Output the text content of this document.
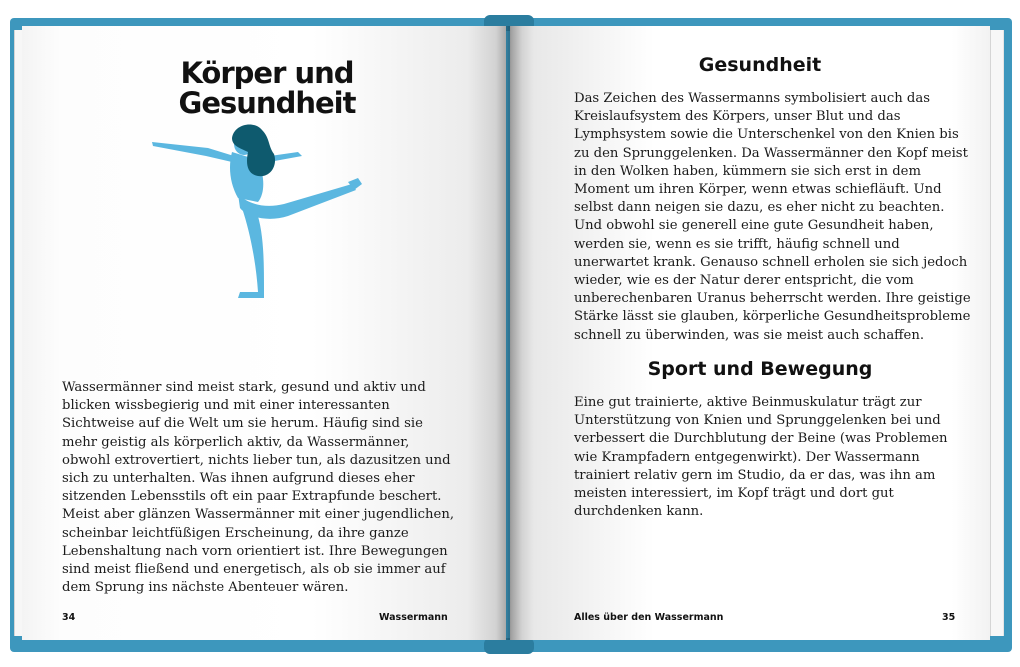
Körper und Gesundheit
Wassermänner sind meist stark, gesund und aktiv und blicken wissbegierig und mit einer interessanten Sichtweise auf die Welt um sie herum. Häufig sind sie mehr geistig als körperlich aktiv, da Wassermänner, obwohl extrovertiert, nichts lieber tun, als dazusitzen und sich zu unterhalten. Was ihnen aufgrund dieses eher sitzenden Lebensstils oft ein paar Extrapfunde beschert. Meist aber glänzen Wassermänner mit einer jugendlichen, scheinbar leichtfüßigen Erscheinung, da ihre ganze Lebenshaltung nach vorn orientiert ist. Ihre Bewegungen sind meist fließend und energetisch, als ob sie immer auf dem Sprung ins nächste Abenteuer wären.
34	Wassermann
Gesundheit
Das Zeichen des Wassermanns symbolisiert auch das Kreislaufsystem des Körpers, unser Blut und das Lymphsystem sowie die Unterschenkel von den Knien bis zu den Sprunggelenken. Da Wassermänner den Kopf meist in den Wolken haben, kümmern sie sich erst in dem Moment um ihren Körper, wenn etwas schiefläuft. Und selbst dann neigen sie dazu, es eher nicht zu beachten. Und obwohl sie generell eine gute Gesundheit haben, werden sie, wenn es sie trifft, häufig schnell und unerwartet krank. Genauso schnell erholen sie sich jedoch wieder, wie es der Natur derer entspricht, die vom unberechenbaren Uranus beherrscht werden. Ihre geistige Stärke lässt sie glauben, körperliche Gesundheitsprobleme schnell zu überwinden, was sie meist auch schaffen.
Sport und Bewegung
Eine gut trainierte, aktive Beinmuskulatur trägt zur Unterstützung von Knien und Sprunggelenken bei und verbessert die Durchblutung der Beine (was Problemen wie Krampfadern entgegenwirkt). Der Wassermann trainiert relativ gern im Studio, da er das, was ihn am meisten interessiert, im Kopf trägt und dort gut durchdenken kann.
Alles über den Wassermann	35
